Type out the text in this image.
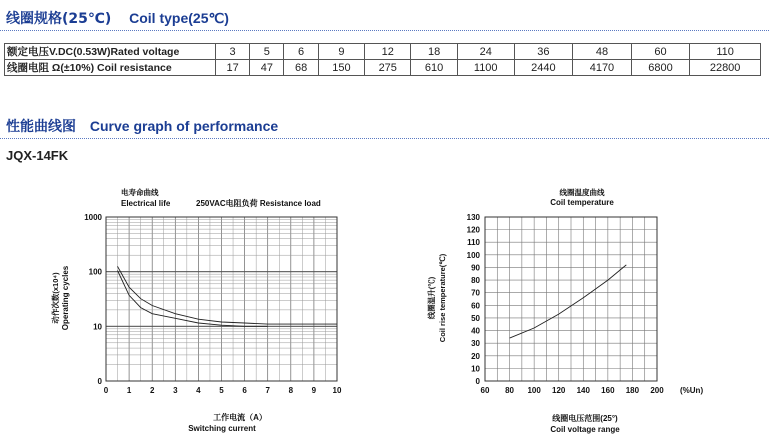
线圈规格(25℃) Coil type(25℃)
额定电压V.DC(0.53W)Rated voltage	3	5	6	9	12	18	24	36	48	60	110
线圈电阻 Ω(±10%) Coil resistance	17	47	68	150	275	610	1100	2440	4170	6800	22800
性能曲线图 Curve graph of performance
JQX-14FK
电寿命曲线
Electrical life	250VAC电阻负荷 Resistance load
0 1 2 3 4 5 6 7 8 9 10
1000
100
10
0
工作电流（A）
Switching current
动作次数(x10⁴) Operating cycles
线圈温度曲线
Coil temperature
60 80 100 120 140 160 180 200
0
10
20
30
40
50
60
70
80
90
100
110
120
130
(%Un)
线圈电压范围(25°)
Coil voltage range
线圈温升(℃) Coil rise temperature(℃)
